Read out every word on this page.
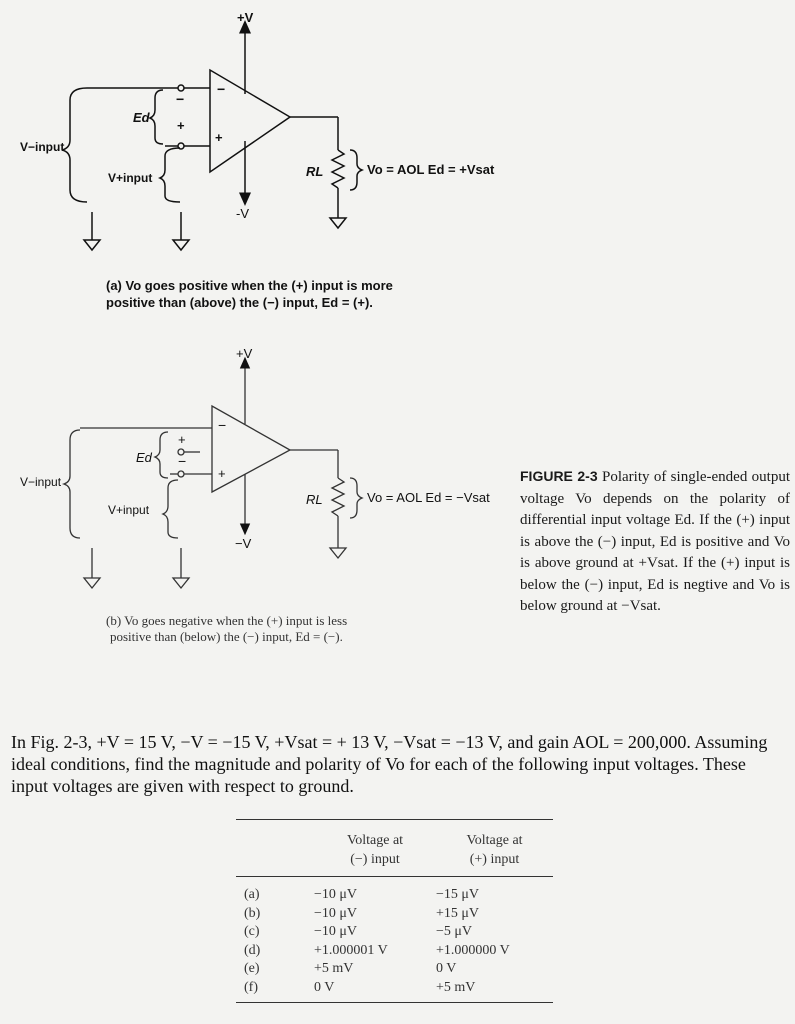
+V
-V
V−input
V+input
Ed
−
+
−
+
RL	Vo = AOL Ed = +Vsat
+V
−V
V−input
V+input
Ed
+
−
−
+
RL	Vo = AOL Ed = −Vsat
(a) Vo goes positive when the (+) input is more
positive than (above) the (−) input, Ed = (+).
(b) Vo goes negative when the (+) input is less
positive than (below) the (−) input, Ed = (−).
FIGURE 2-3 Polarity of single-ended output voltage Vo depends on the polarity of differential input voltage Ed. If the (+) input is above the (−) input, Ed is positive and Vo is above ground at +Vsat. If the (+) input is below the (−) input, Ed is negtive and Vo is below ground at −Vsat.
In Fig. 2-3, +V = 15 V, −V = −15 V, +Vsat = + 13 V, −Vsat = −13 V, and gain AOL = 200,000. Assuming ideal conditions, find the magnitude and polarity of Vo for each of the following input voltages. These input voltages are given with respect to ground.
Voltage at
(−) input
Voltage at
(+) input
(a)	−10 μV	−15 μV
(b)	−10 μV	+15 μV
(c)	−10 μV	−5 μV
(d)	+1.000001 V	+1.000000 V
(e)	+5 mV	0 V
(f)	0 V	+5 mV
